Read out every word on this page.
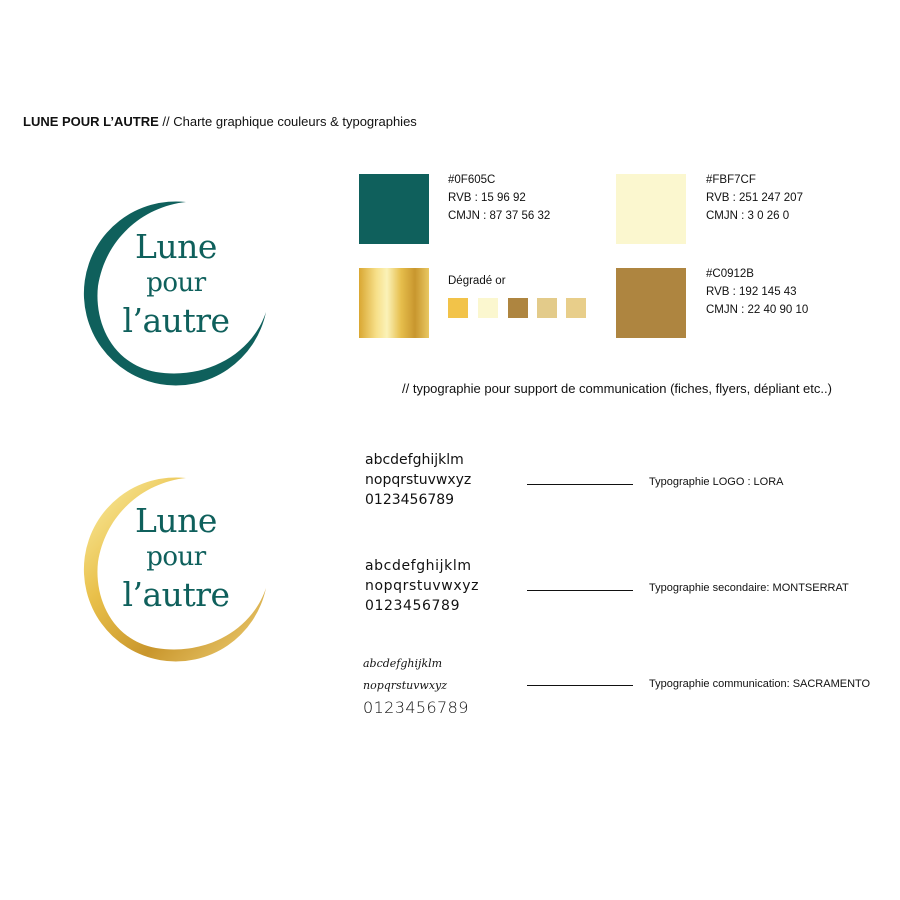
LUNE POUR L’AUTRE // Charte graphique couleurs & typographies
Lune
pour
l’autre
Lune
pour
l’autre
#0F605C
RVB : 15 96 92
CMJN : 87 37 56 32
#FBF7CF
RVB : 251 247 207
CMJN : 3 0 26 0
Dégradé or
#C0912B
RVB : 192 145 43
CMJN : 22 40 90 10
// typographie pour support de communication (fiches, flyers, dépliant etc..)
abcdefghijklm
nopqrstuvwxyz
0123456789
Typographie LOGO : LORA
abcdefghijklm
nopqrstuvwxyz
0123456789
Typographie secondaire: MONTSERRAT
abcdefghijklm
nopqrstuvwxyz
0123456789
Typographie communication: SACRAMENTO
